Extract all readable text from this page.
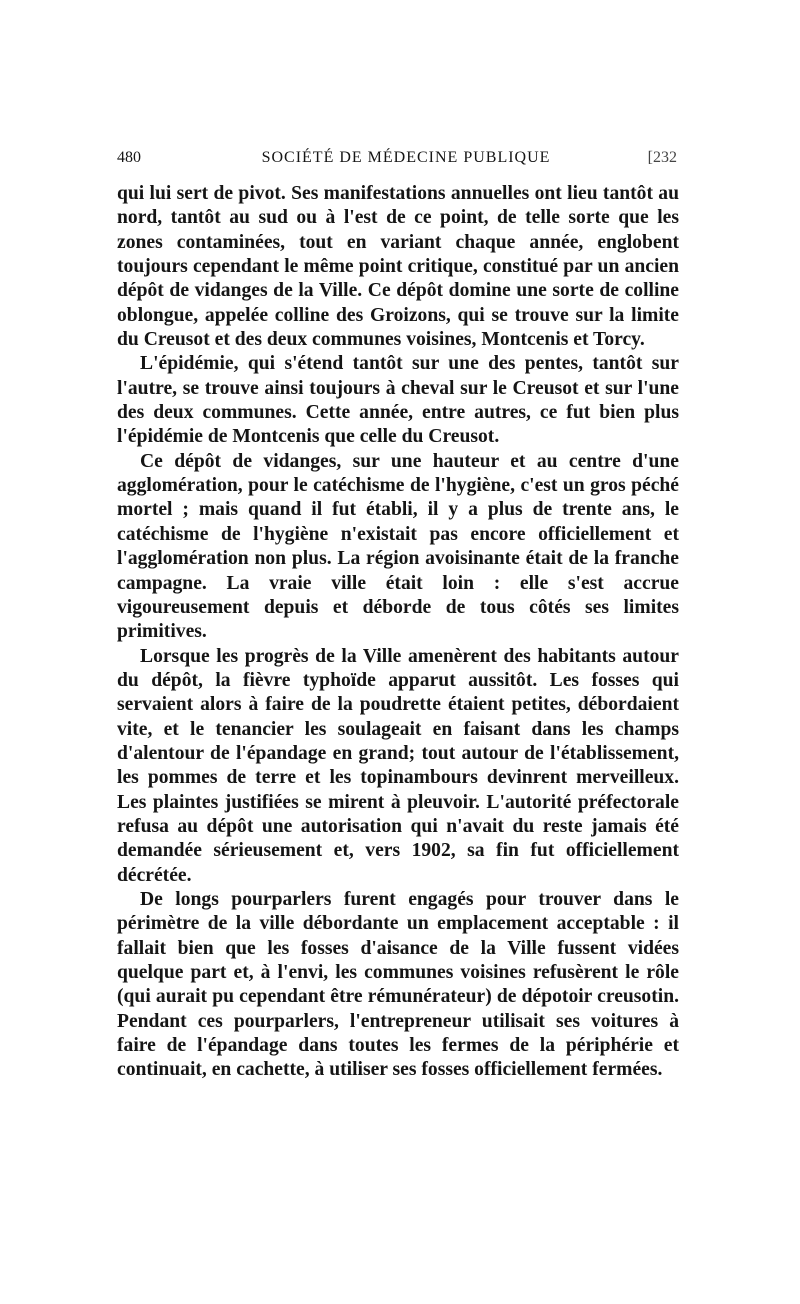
480	SOCIÉTÉ DE MÉDECINE PUBLIQUE	[232

qui lui sert de pivot. Ses manifestations annuelles ont lieu tantôt au nord, tantôt au sud ou à l'est de ce point, de telle sorte que les zones contaminées, tout en variant chaque année, englobent toujours cependant le même point critique, constitué par un ancien dépôt de vidanges de la Ville. Ce dépôt domine une sorte de colline oblongue, appelée colline des Groizons, qui se trouve sur la limite du Creusot et des deux communes voisines, Montcenis et Torcy.

L'épidémie, qui s'étend tantôt sur une des pentes, tantôt sur l'autre, se trouve ainsi toujours à cheval sur le Creusot et sur l'une des deux communes. Cette année, entre autres, ce fut bien plus l'épidémie de Montcenis que celle du Creusot.

Ce dépôt de vidanges, sur une hauteur et au centre d'une agglomération, pour le catéchisme de l'hygiène, c'est un gros péché mortel ; mais quand il fut établi, il y a plus de trente ans, le catéchisme de l'hygiène n'existait pas encore officiellement et l'agglomération non plus. La région avoisinante était de la franche campagne. La vraie ville était loin : elle s'est accrue vigoureusement depuis et déborde de tous côtés ses limites primitives.

Lorsque les progrès de la Ville amenèrent des habitants autour du dépôt, la fièvre typhoïde apparut aussitôt. Les fosses qui servaient alors à faire de la poudrette étaient petites, débordaient vite, et le tenancier les soulageait en faisant dans les champs d'alentour de l'épandage en grand; tout autour de l'établissement, les pommes de terre et les topinambours devinrent merveilleux. Les plaintes justifiées se mirent à pleuvoir. L'autorité préfectorale refusa au dépôt une autorisation qui n'avait du reste jamais été demandée sérieusement et, vers 1902, sa fin fut officiellement décrétée.

De longs pourparlers furent engagés pour trouver dans le périmètre de la ville débordante un emplacement acceptable : il fallait bien que les fosses d'aisance de la Ville fussent vidées quelque part et, à l'envi, les communes voisines refusèrent le rôle (qui aurait pu cependant être rémunérateur) de dépotoir creusotin. Pendant ces pourparlers, l'entrepreneur utilisait ses voitures à faire de l'épandage dans toutes les fermes de la périphérie et continuait, en cachette, à utiliser ses fosses officiellement fermées.
